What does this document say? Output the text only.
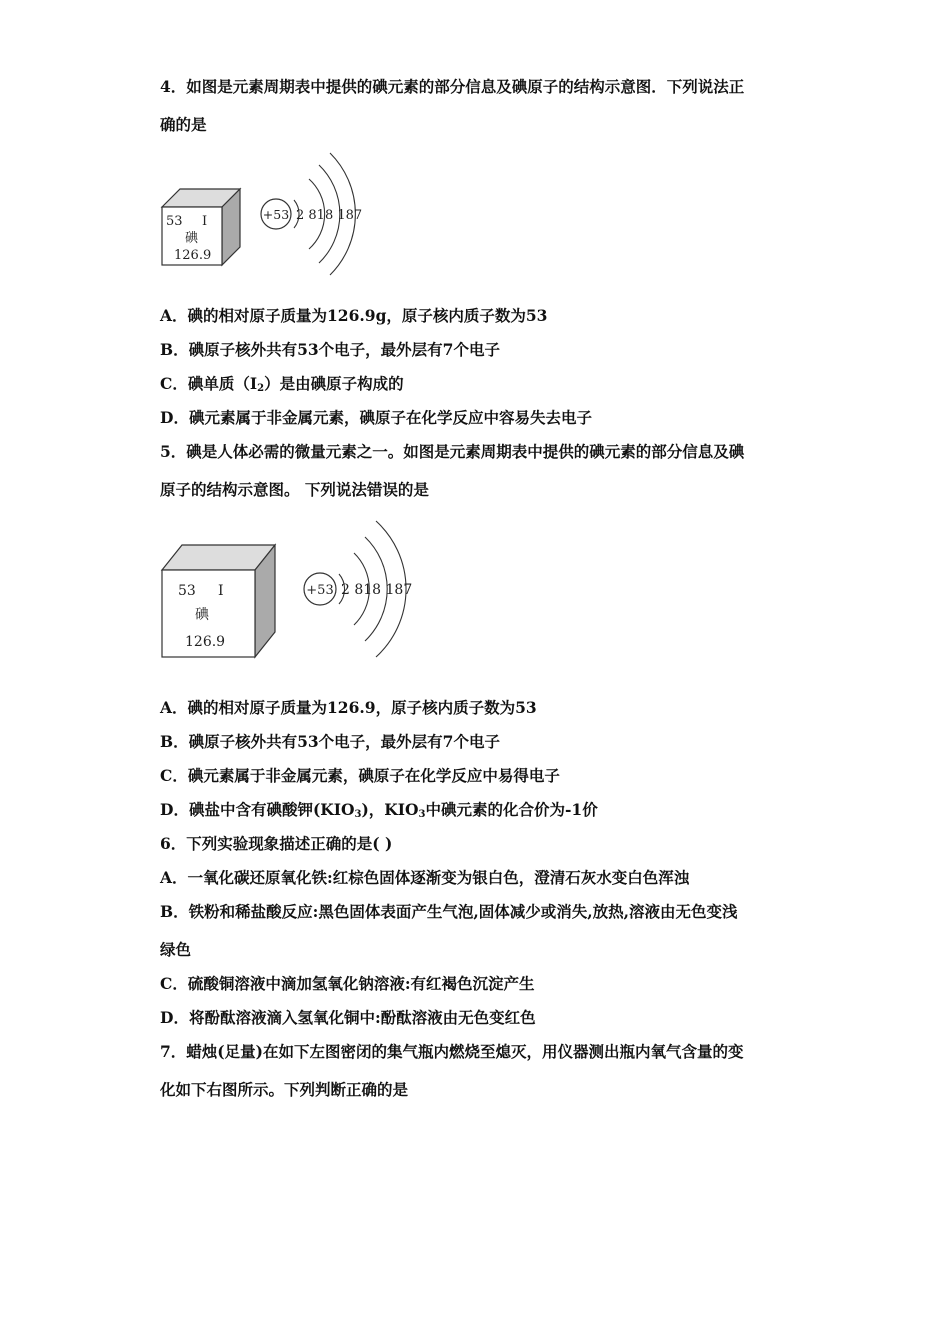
4．如图是元素周期表中提供的碘元素的部分信息及碘原子的结构示意图．下列说法正
确的是
53 I
碘
126.9
+53 2 818 187
A．碘的相对原子质量为126.9g，原子核内质子数为53
B．碘原子核外共有53个电子，最外层有7个电子
C．碘单质$(I_2)$是由碘原子构成的
D．碘元素属于非金属元素，碘原子在化学反应中容易失去电子
5．碘是人体必需的微量元素之一。如图是元素周期表中提供的碘元素的部分信息及碘
原子的结构示意图。 下列说法错误的是
53 I
碘
126.9
+53 2 818 187
A．碘的相对原子质量为126.9，原子核内质子数为53
B．碘原子核外共有53个电子，最外层有7个电子
C．碘元素属于非金属元素，碘原子在化学反应中易得电子
D．碘盐中含有碘酸钾$(KIO_3)$，$KIO_3$中碘元素的化合价为-1价
6．下列实验现象描述正确的是( )
A．一氧化碳还原氧化铁:红棕色固体逐渐变为银白色，澄清石灰水变白色浑浊
B．铁粉和稀盐酸反应:黑色固体表面产生气泡,固体减少或消失,放热,溶液由无色变浅
绿色
C．硫酸铜溶液中滴加氢氧化钠溶液:有红褐色沉淀产生
D．将酚酞溶液滴入氢氧化铜中:酚酞溶液由无色变红色
7．蜡烛(足量)在如下左图密闭的集气瓶内燃烧至熄灭，用仪器测出瓶内氧气含量的变
化如下右图所示。下列判断正确的是
